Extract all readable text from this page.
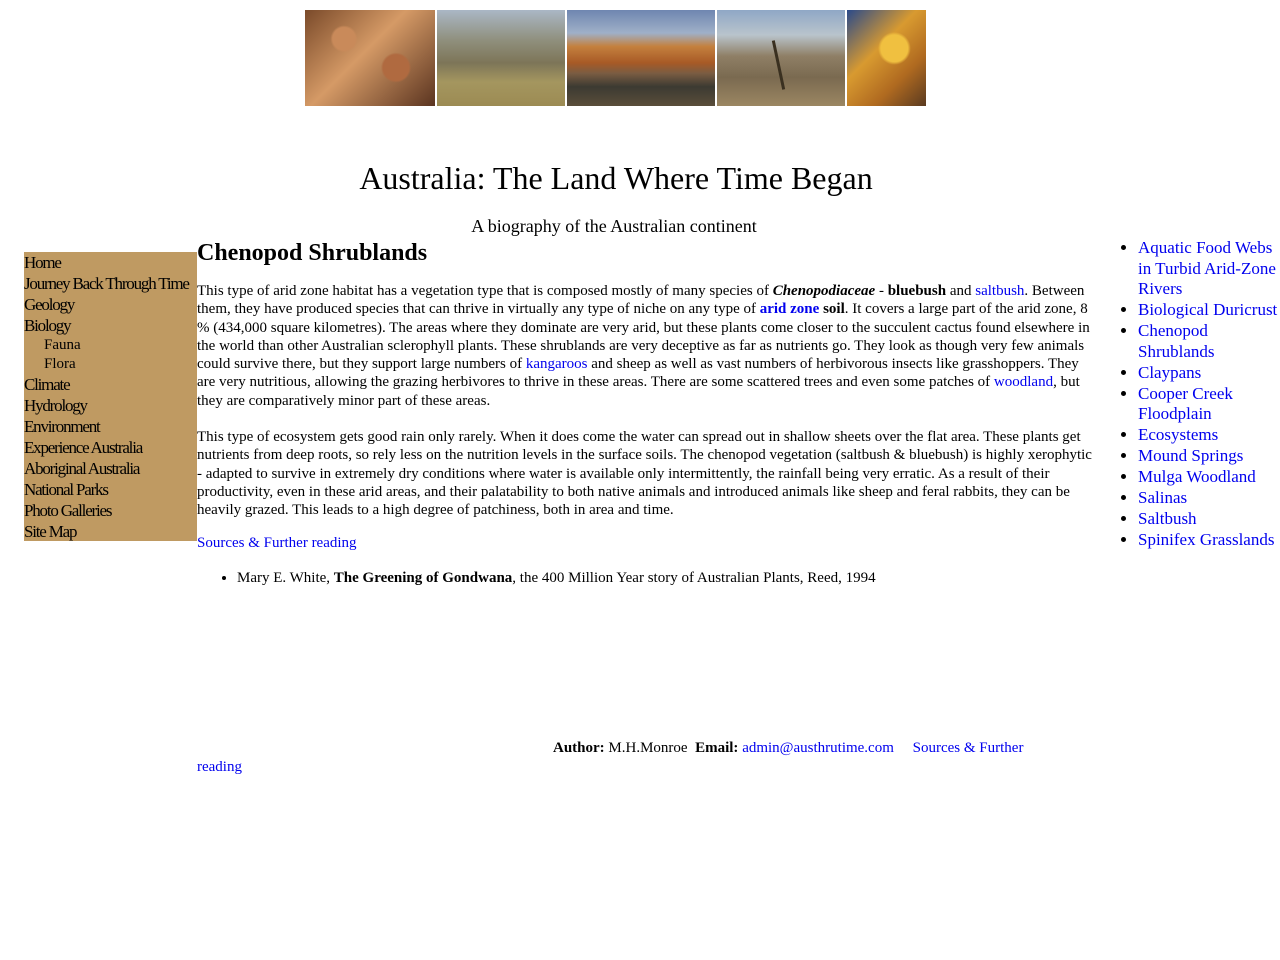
Australia: The Land Where Time Began

A biography of the Australian continent

Home
Journey Back Through Time
Geology
Biology
Fauna
Flora
Climate
Hydrology
Environment
Experience Australia
Aboriginal Australia
National Parks
Photo Galleries
Site Map
Chenopod Shrublands

This type of arid zone habitat has a vegetation type that is composed mostly of many species of Chenopodiaceae - bluebush and saltbush. Between them, they have produced species that can thrive in virtually any type of niche on any type of arid zone soil. It covers a large part of the arid zone, 8 % (434,000 square kilometres). The areas where they dominate are very arid, but these plants come closer to the succulent cactus found elsewhere in the world than other Australian sclerophyll plants. These shrublands are very deceptive as far as nutrients go. They look as though very few animals could survive there, but they support large numbers of kangaroos and sheep as well as vast numbers of herbivorous insects like grasshoppers. They are very nutritious, allowing the grazing herbivores to thrive in these areas. There are some scattered trees and even some patches of woodland, but they are comparatively minor part of these areas.

This type of ecosystem gets good rain only rarely. When it does come the water can spread out in shallow sheets over the flat area. These plants get nutrients from deep roots, so rely less on the nutrition levels in the surface soils. The chenopod vegetation (saltbush & bluebush) is highly xerophytic - adapted to survive in extremely dry conditions where water is available only intermittently, the rainfall being very erratic. As a result of their productivity, even in these arid areas, and their palatability to both native animals and introduced animals like sheep and feral rabbits, they can be heavily grazed. This leads to a high degree of patchiness, both in area and time.

Sources & Further reading
• Mary E. White, The Greening of Gondwana, the 400 Million Year story of Australian Plants, Reed, 1994
• Aquatic Food Webs in Turbid Arid-Zone Rivers
• Biological Duricrust
• Chenopod Shrublands
• Claypans
• Cooper Creek Floodplain
• Ecosystems
• Mound Springs
• Mulga Woodland
• Salinas
• Saltbush
• Spinifex Grasslands
Author: M.H.Monroe Email: admin@austhrutime.com Sources & Further reading
